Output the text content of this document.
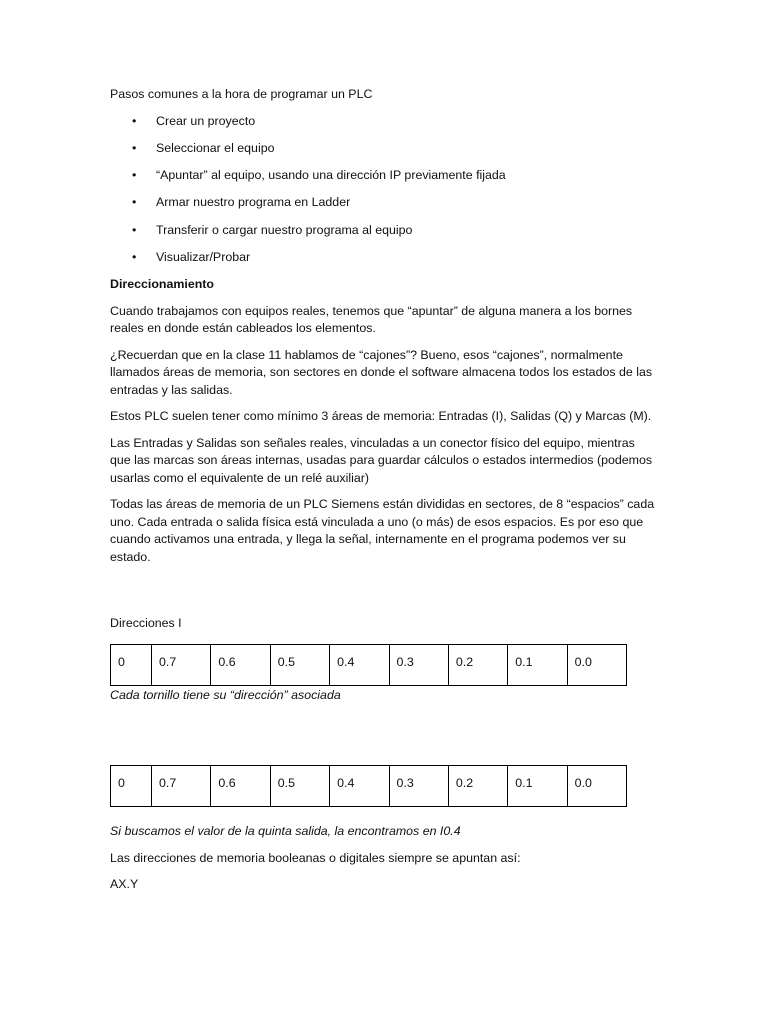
Pasos comunes a la hora de programar un PLC

• Crear un proyecto
• Seleccionar el equipo
• “Apuntar” al equipo, usando una dirección IP previamente fijada
• Armar nuestro programa en Ladder
• Transferir o cargar nuestro programa al equipo
• Visualizar/Probar

Direccionamiento

Cuando trabajamos con equipos reales, tenemos que “apuntar” de alguna manera a los bornes reales en donde están cableados los elementos.

¿Recuerdan que en la clase 11 hablamos de “cajones”? Bueno, esos “cajones”, normalmente llamados áreas de memoria, son sectores en donde el software almacena todos los estados de las entradas y las salidas.

Estos PLC suelen tener como mínimo 3 áreas de memoria: Entradas (I), Salidas (Q) y Marcas (M).

Las Entradas y Salidas son señales reales, vinculadas a un conector físico del equipo, mientras que las marcas son áreas internas, usadas para guardar cálculos o estados intermedios (podemos usarlas como el equivalente de un relé auxiliar)

Todas las áreas de memoria de un PLC Siemens están divididas en sectores, de 8 “espacios” cada uno. Cada entrada o salida física está vinculada a uno (o más) de esos espacios. Es por eso que cuando activamos una entrada, y llega la señal, internamente en el programa podemos ver su estado.

Direcciones I

0	0.7	0.6	0.5	0.4	0.3	0.2	0.1	0.0

Cada tornillo tiene su “dirección” asociada

0	0.7	0.6	0.5	0.4	0.3	0.2	0.1	0.0

Si buscamos el valor de la quinta salida, la encontramos en I0.4

Las direcciones de memoria booleanas o digitales siempre se apuntan así:

AX.Y
